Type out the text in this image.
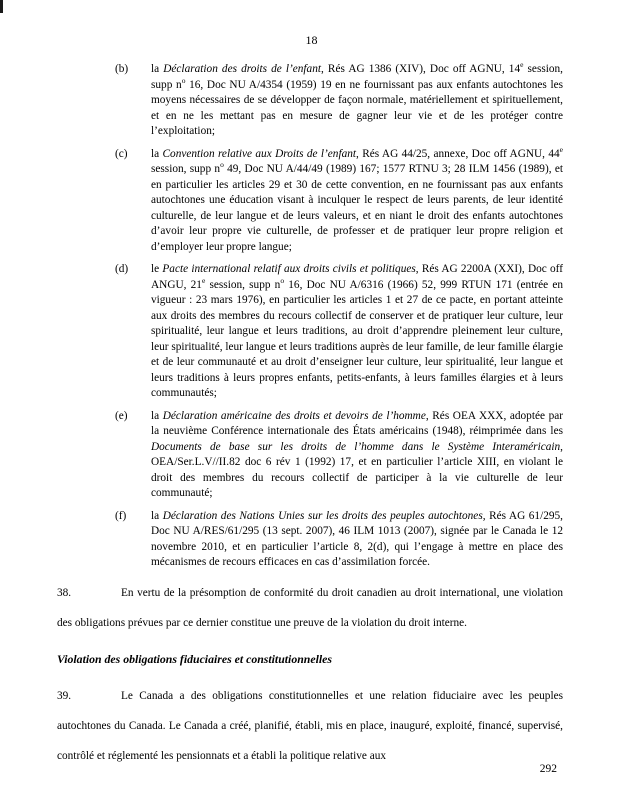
18
(b) la Déclaration des droits de l’enfant, Rés AG 1386 (XIV), Doc off AGNU, 14e session, supp $n^o$ 16, Doc NU A/4354 (1959) 19 en ne fournissant pas aux enfants autochtones les moyens nécessaires de se développer de façon normale, matériellement et spirituellement, et en ne les mettant pas en mesure de gagner leur vie et de les protéger contre l’exploitation;
(c) la Convention relative aux Droits de l’enfant, Rés AG 44/25, annexe, Doc off AGNU, 44e session, supp $n^o$ 49, Doc NU A/44/49 (1989) 167; 1577 RTNU 3; 28 ILM 1456 (1989), et en particulier les articles 29 et 30 de cette convention, en ne fournissant pas aux enfants autochtones une éducation visant à inculquer le respect de leurs parents, de leur identité culturelle, de leur langue et de leurs valeurs, et en niant le droit des enfants autochtones d’avoir leur propre vie culturelle, de professer et de pratiquer leur propre religion et d’employer leur propre langue;
(d) le Pacte international relatif aux droits civils et politiques, Rés AG 2200A (XXI), Doc off ANGU, 21e session, supp $n^o$ 16, Doc NU A/6316 (1966) 52, 999 RTUN 171 (entrée en vigueur : 23 mars 1976), en particulier les articles 1 et 27 de ce pacte, en portant atteinte aux droits des membres du recours collectif de conserver et de pratiquer leur culture, leur spiritualité, leur langue et leurs traditions, au droit d’apprendre pleinement leur culture, leur spiritualité, leur langue et leurs traditions auprès de leur famille, de leur famille élargie et de leur communauté et au droit d’enseigner leur culture, leur spiritualité, leur langue et leurs traditions à leurs propres enfants, petits-enfants, à leurs familles élargies et à leurs communautés;
(e) la Déclaration américaine des droits et devoirs de l’homme, Rés OEA XXX, adoptée par la neuvième Conférence internationale des États américains (1948), réimprimée dans les Documents de base sur les droits de l’homme dans le Système Interaméricain, OEA/Ser.L.V//II.82 doc 6 rév 1 (1992) 17, et en particulier l’article XIII, en violant le droit des membres du recours collectif de participer à la vie culturelle de leur communauté;
(f) la Déclaration des Nations Unies sur les droits des peuples autochtones, Rés AG 61/295, Doc NU A/RES/61/295 (13 sept. 2007), 46 ILM 1013 (2007), signée par le Canada le 12 novembre 2010, et en particulier l’article 8, 2(d), qui l’engage à mettre en place des mécanismes de recours efficaces en cas d’assimilation forcée.

38.	En vertu de la présomption de conformité du droit canadien au droit international, une violation des obligations prévues par ce dernier constitue une preuve de la violation du droit interne.

Violation des obligations fiduciaires et constitutionnelles

39.	Le Canada a des obligations constitutionnelles et une relation fiduciaire avec les peuples autochtones du Canada. Le Canada a créé, planifié, établi, mis en place, inauguré, exploité, financé, supervisé, contrôlé et réglementé les pensionnats et a établi la politique relative aux

292
